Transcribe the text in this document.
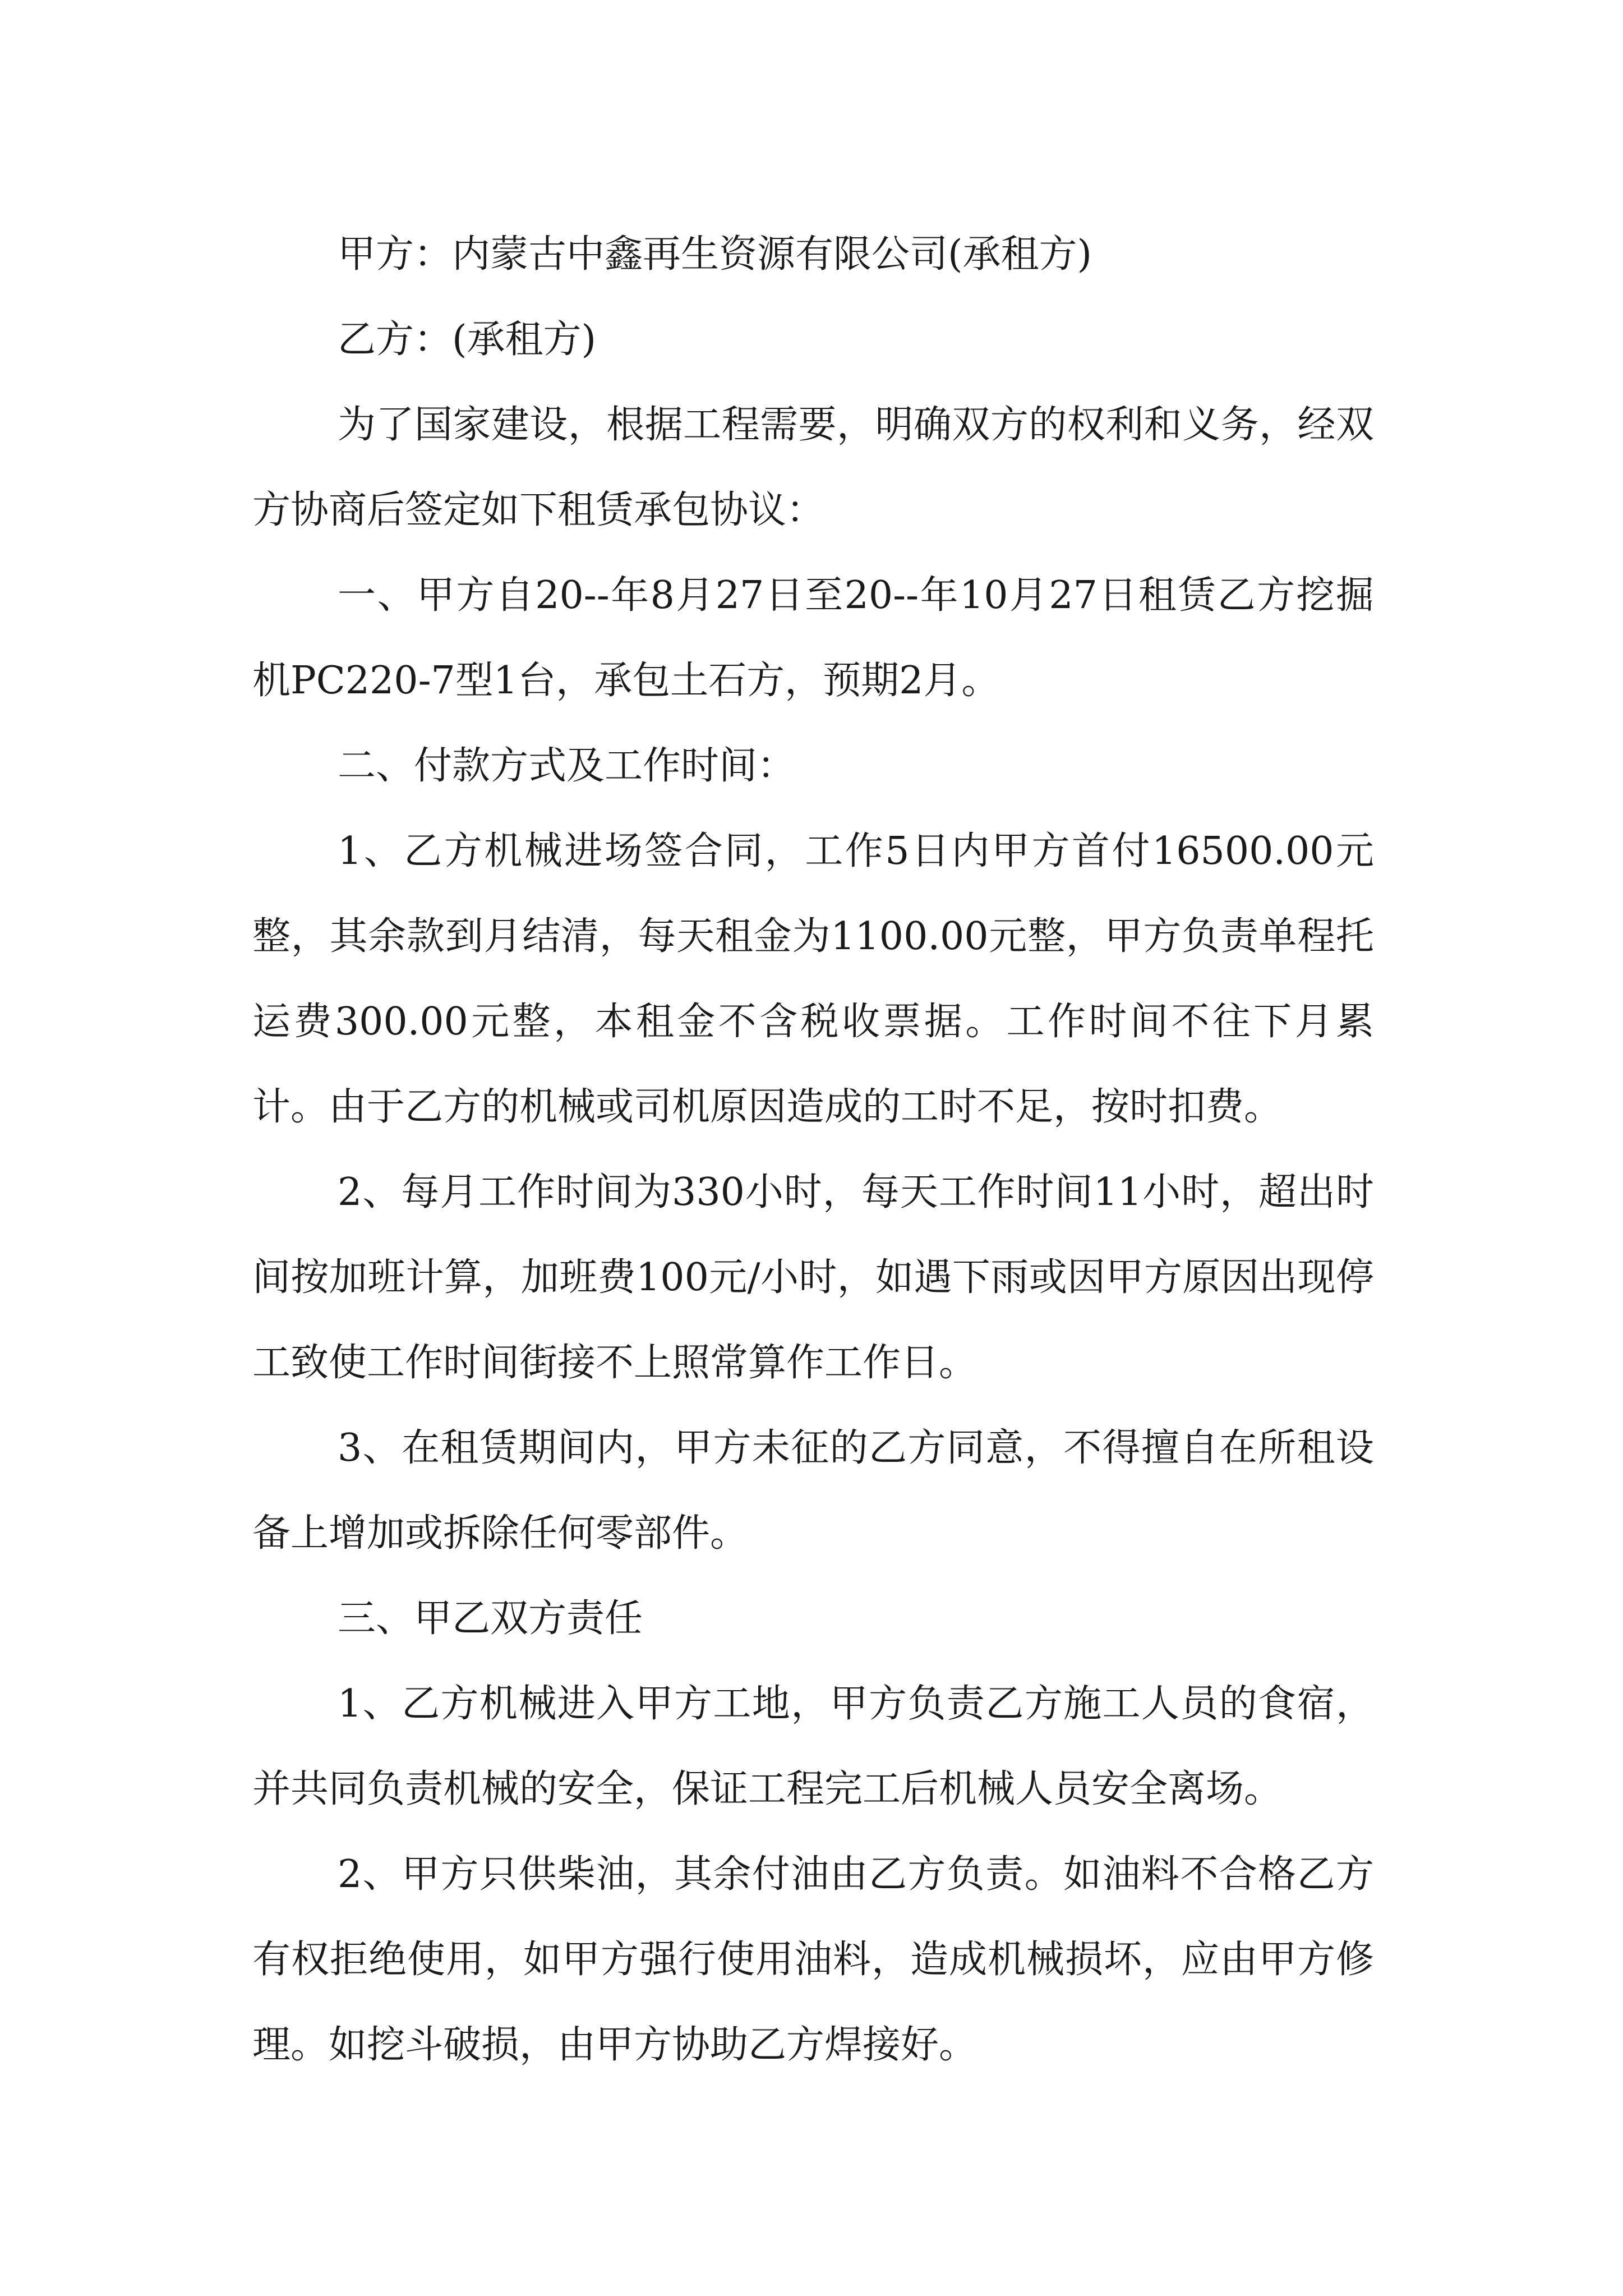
甲方：内蒙古中鑫再生资源有限公司(承租方)

乙方：(承租方)

为了国家建设，根据工程需要，明确双方的权利和义务，经双方协商后签定如下租赁承包协议：

一、甲方自20--年8月27日至20--年10月27日租赁乙方挖掘机PC220-7型1台，承包土石方，预期2月。

二、付款方式及工作时间：

1、乙方机械进场签合同，工作5日内甲方首付16500.00元整，其余款到月结清，每天租金为1100.00元整，甲方负责单程托运费300.00元整，本租金不含税收票据。工作时间不往下月累计。由于乙方的机械或司机原因造成的工时不足，按时扣费。

2、每月工作时间为330小时，每天工作时间11小时，超出时间按加班计算，加班费100元/小时，如遇下雨或因甲方原因出现停工致使工作时间街接不上照常算作工作日。

3、在租赁期间内，甲方未征的乙方同意，不得擅自在所租设备上增加或拆除任何零部件。

三、甲乙双方责任

1、乙方机械进入甲方工地，甲方负责乙方施工人员的食宿，并共同负责机械的安全，保证工程完工后机械人员安全离场。

2、甲方只供柴油，其余付油由乙方负责。如油料不合格乙方有权拒绝使用，如甲方强行使用油料，造成机械损坏，应由甲方修理。如挖斗破损，由甲方协助乙方焊接好。
